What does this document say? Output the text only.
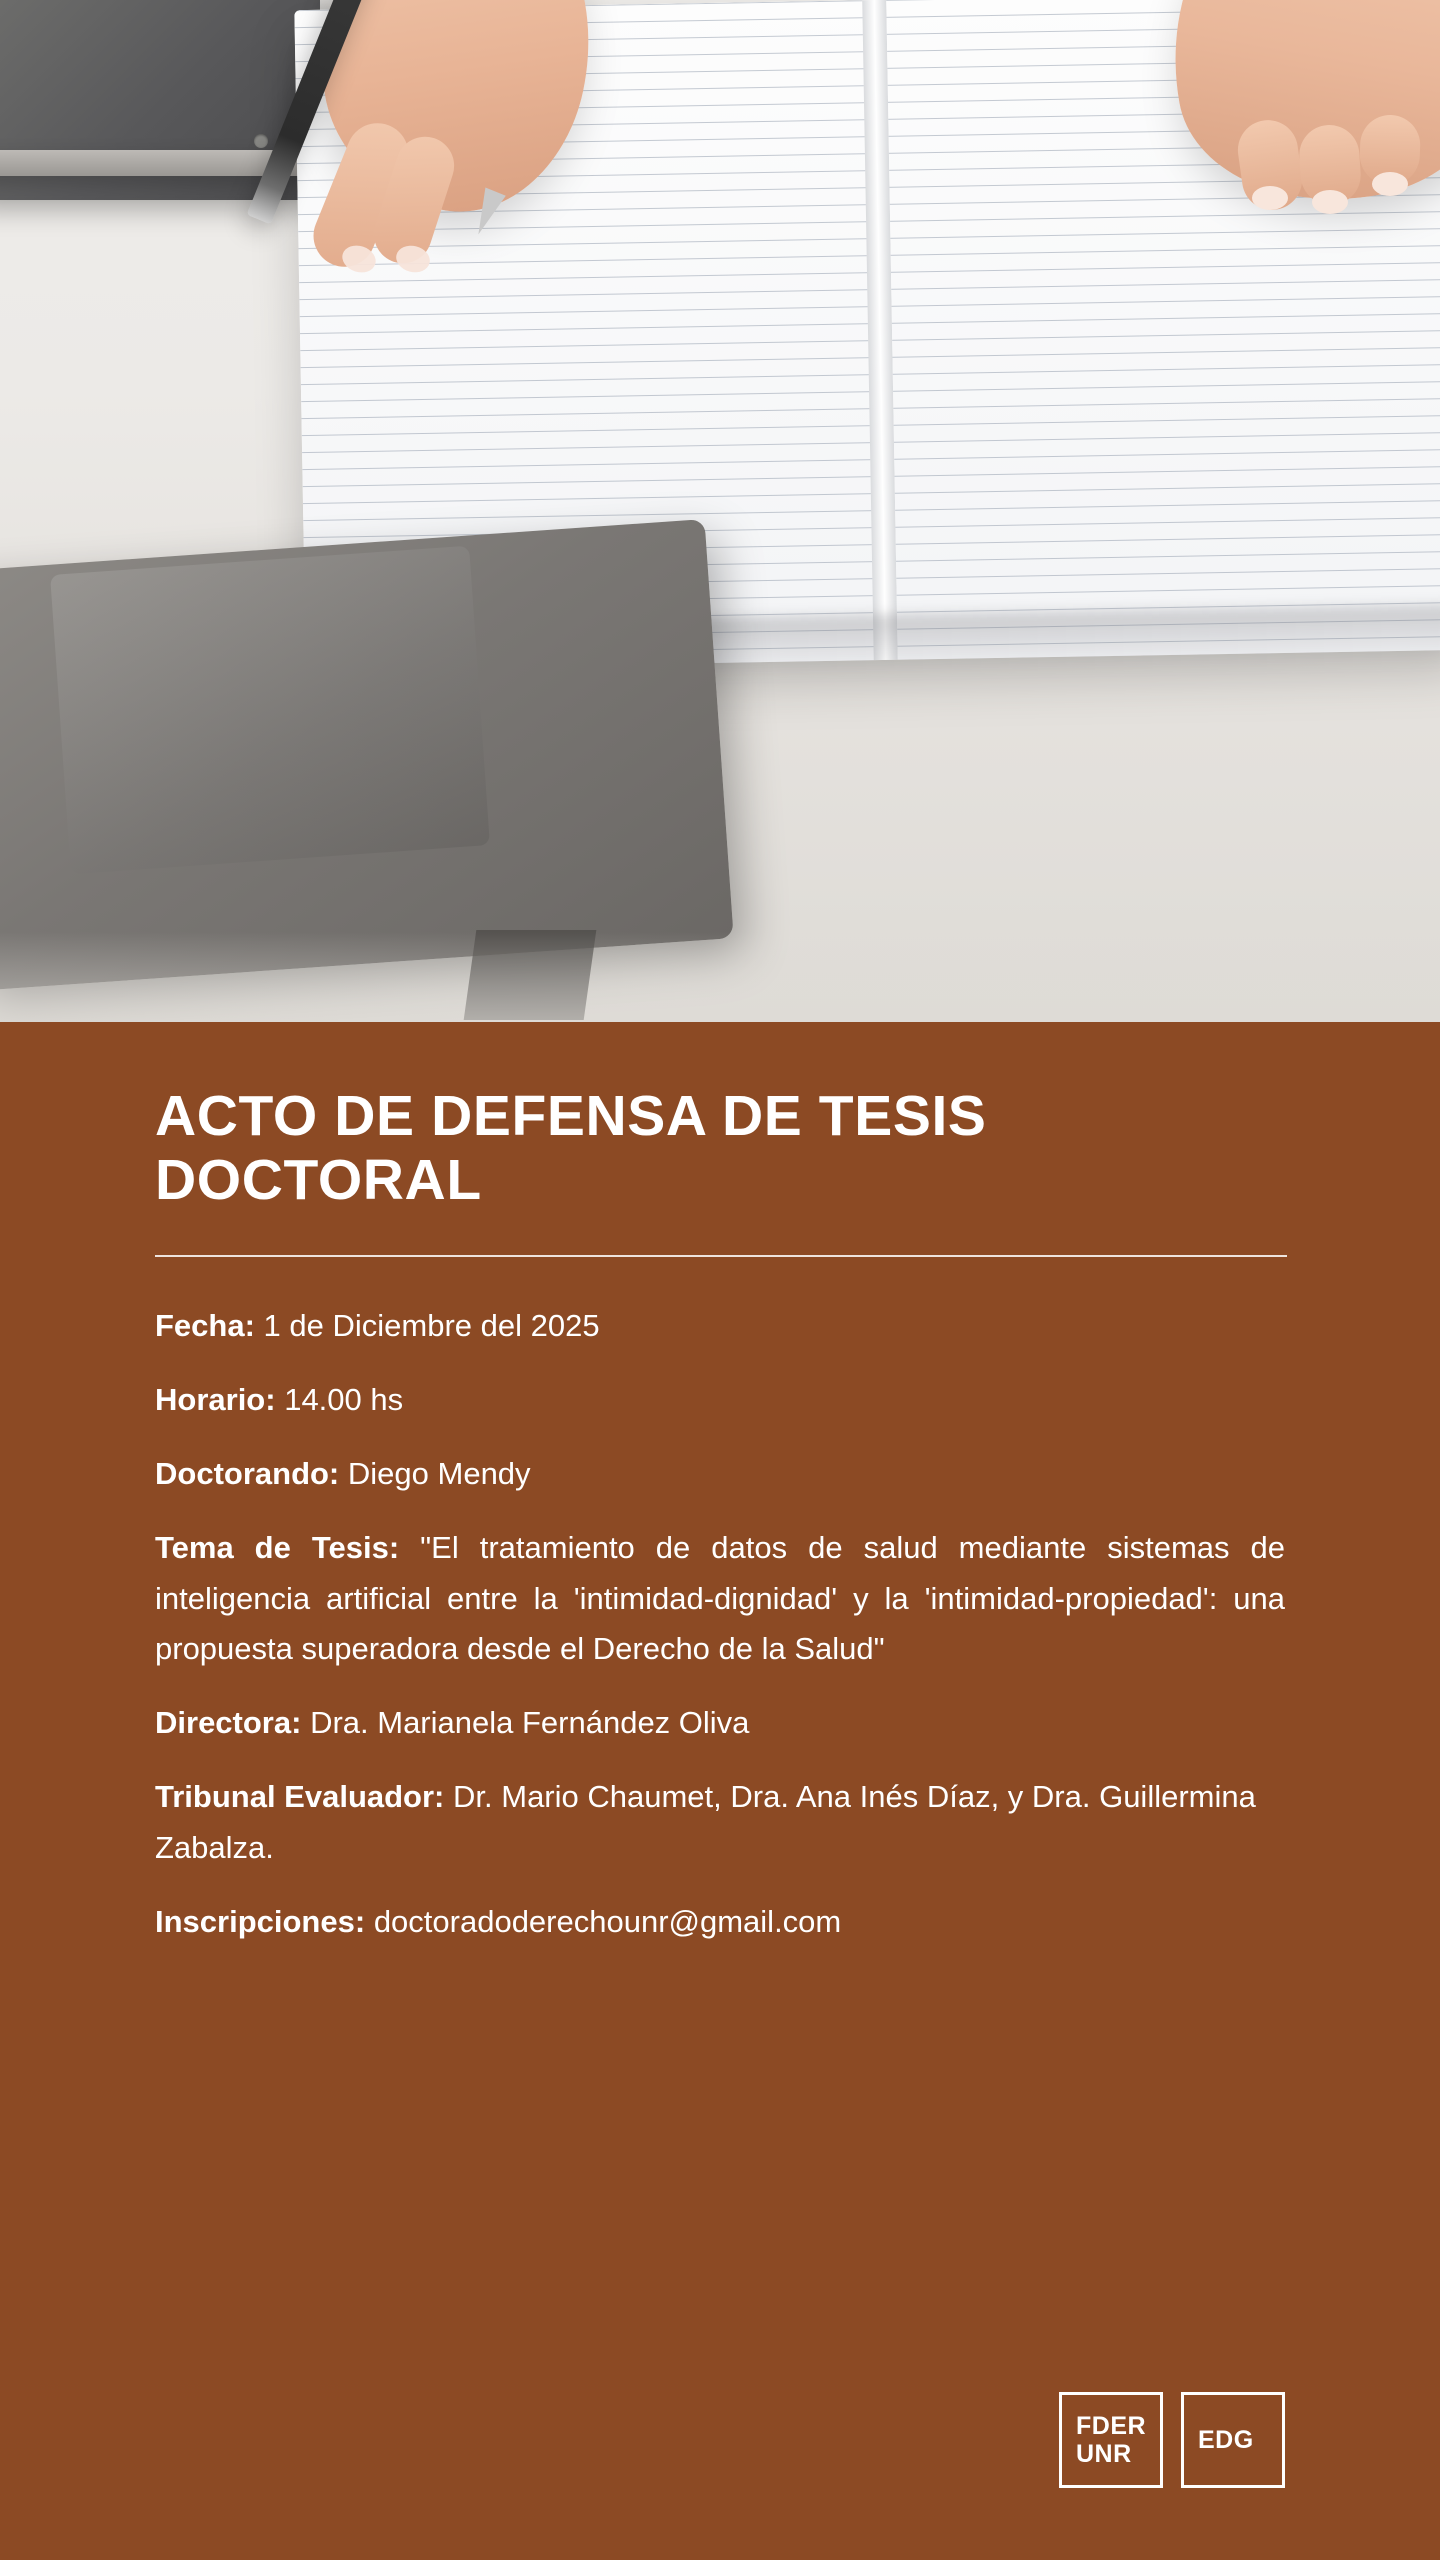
ACTO DE DEFENSA DE TESIS DOCTORAL

Fecha: 1 de Diciembre del 2025

Horario: 14.00 hs

Doctorando: Diego Mendy

Tema de Tesis: "El tratamiento de datos de salud mediante sistemas de inteligencia artificial entre la 'intimidad-dignidad' y la 'intimidad-propiedad': una propuesta superadora desde el Derecho de la Salud"

Directora: Dra. Marianela Fernández Oliva

Tribunal Evaluador: Dr. Mario Chaumet, Dra. Ana Inés Díaz, y Dra. Guillermina Zabalza.

Inscripciones: doctoradoderechounr@gmail.com

FDER
UNR
EDG
